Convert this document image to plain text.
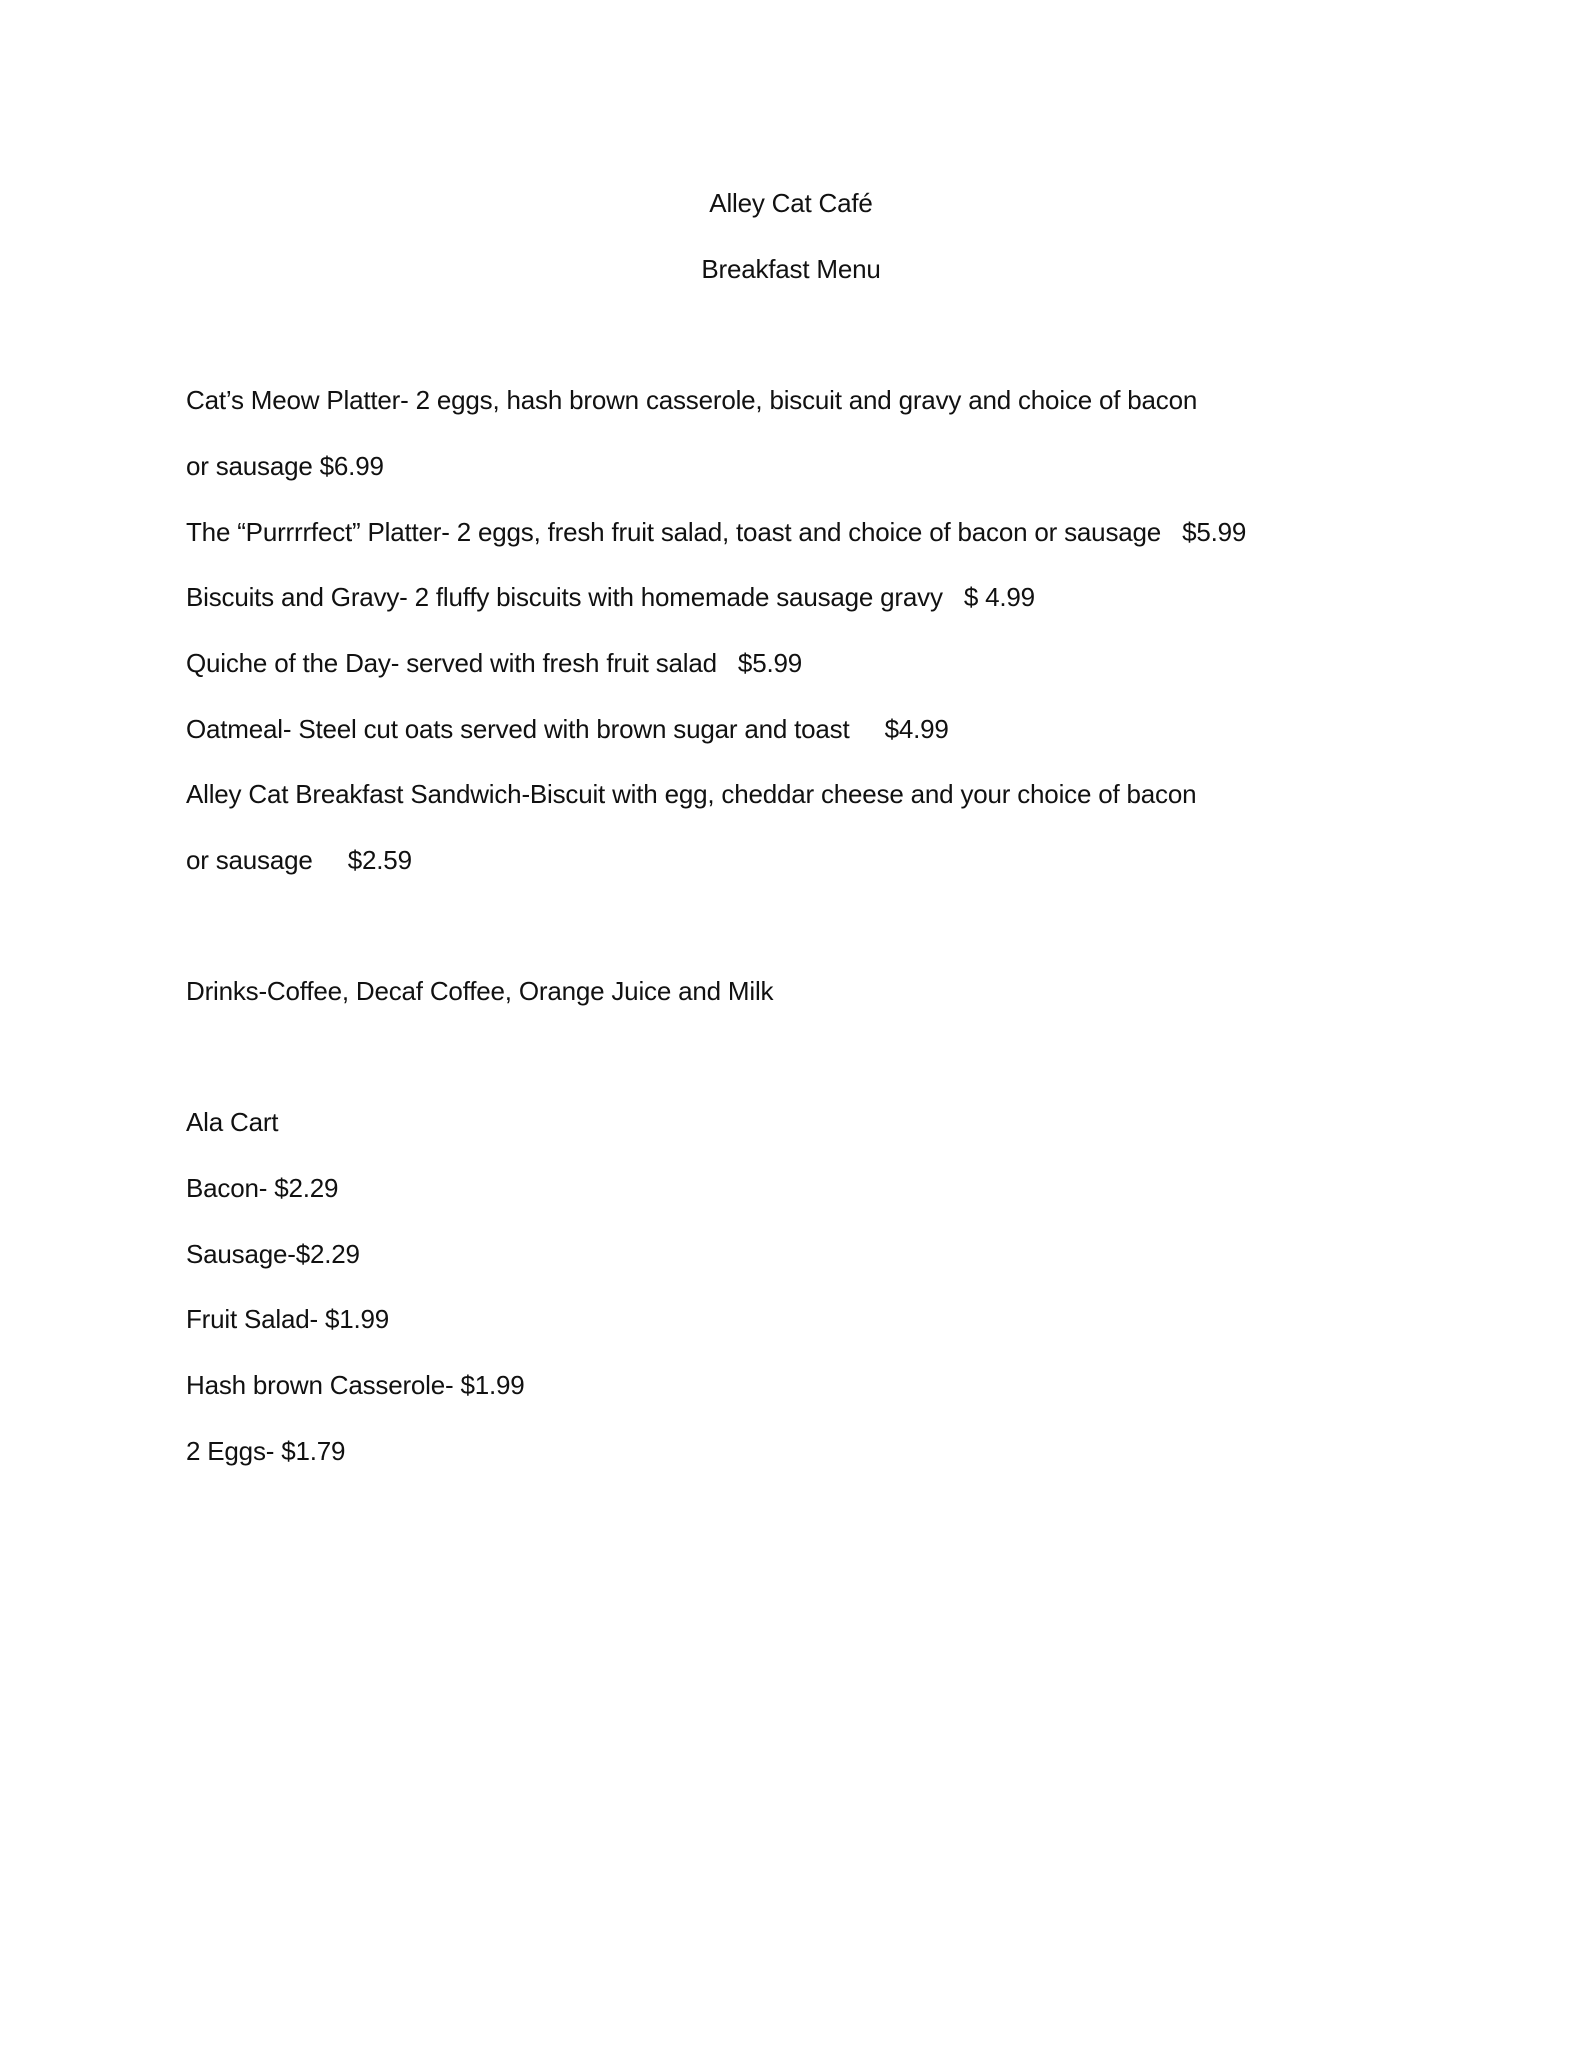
Alley Cat Café
Breakfast Menu
Cat’s Meow Platter- 2 eggs, hash brown casserole, biscuit and gravy and choice of bacon
or sausage $6.99
The “Purrrrfect” Platter- 2 eggs, fresh fruit salad, toast and choice of bacon or sausage   $5.99
Biscuits and Gravy- 2 fluffy biscuits with homemade sausage gravy   $ 4.99
Quiche of the Day- served with fresh fruit salad   $5.99
Oatmeal- Steel cut oats served with brown sugar and toast     $4.99
Alley Cat Breakfast Sandwich-Biscuit with egg, cheddar cheese and your choice of bacon
or sausage     $2.59
Drinks-Coffee, Decaf Coffee, Orange Juice and Milk
Ala Cart
Bacon- $2.29
Sausage-$2.29
Fruit Salad- $1.99
Hash brown Casserole- $1.99
2 Eggs- $1.79
